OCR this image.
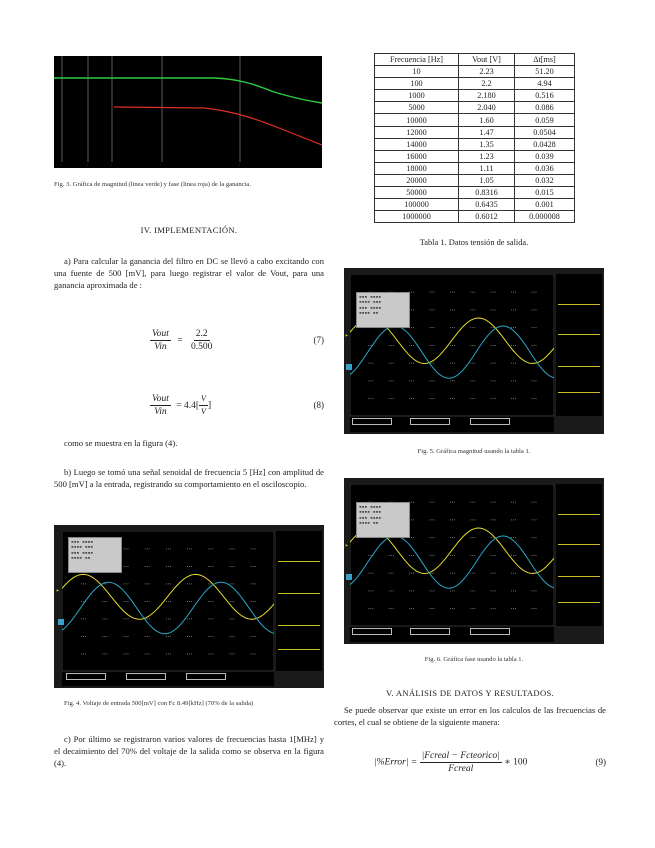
·	·	·	·	·
Fig. 3. Gráfica de magnitud (linea verde) y fase (linea roja) de la ganancia.
IV. IMPLEMENTACIÓN.
a) Para calcular la ganancia del filtro en DC se llevó a cabo excitando con una fuente de 500 [mV], para luego registrar el valor de Vout, para una ganancia aproximada de :
$\frac{\text{Vout}}{\text{Vin}} = \frac{2.2}{0.500}$	(7)
$\frac{\text{Vout}}{\text{Vin}} = 4.4[ \frac{V}{V}$ ]	(8)
como se muestra en la figura (4).
b) Luego se tomó una señal senoidal de frecuencia 5 [Hz] con amplitud de 500 [mV] a la entrada, registrando su comportamiento en el osciloscopio.
▪▪▪ ▪▪▪▪
▪▪▪▪ ▪▪▪
▪▪▪ ▪▪▪▪
▪▪▪▪ ▪▪
▸
Fig. 4. Voltaje de entrada 500[mV] con Fc 8.49[kHz] (70% de la salida)
c) Por último se registraron varios valores de frecuencias hasta 1[MHz] y el decaimiento del 70% del voltaje de la salida como se observa en la figura (4).
Frecuencia [Hz]	Vout [V]	Δt[ms]
10	2.23	51.20
100	2.2	4.94
1000	2.180	0.516
5000	2.040	0.086
10000	1.60	0.059
12000	1.47	0.0504
14000	1.35	0.0428
16000	1.23	0.039
18000	1.11	0.036
20000	1.05	0.032
50000	0.8316	0.015
100000	0.6435	0.001
1000000	0.6012	0.000008
Tabla 1. Datos tensión de salida.
▪▪▪ ▪▪▪▪
▪▪▪▪ ▪▪▪
▪▪▪ ▪▪▪▪
▪▪▪▪ ▪▪
▸
Fig. 5. Gráfica magnitud usando la tabla 1.
▪▪▪ ▪▪▪▪
▪▪▪▪ ▪▪▪
▪▪▪ ▪▪▪▪
▪▪▪▪ ▪▪
▸
Fig. 6. Gráfica fase usando la tabla 1.
V. ANÁLISIS DE DATOS Y RESULTADOS.
Se puede observar que existe un error en los calculos de las frecuencias de cortes, el cual se obtiene de la siguiente manera:
|%Error| = $\frac{\text{|Fcreal − Fcteorico|}}{\text{Fcreal}}$ ∗ 100	(9)
